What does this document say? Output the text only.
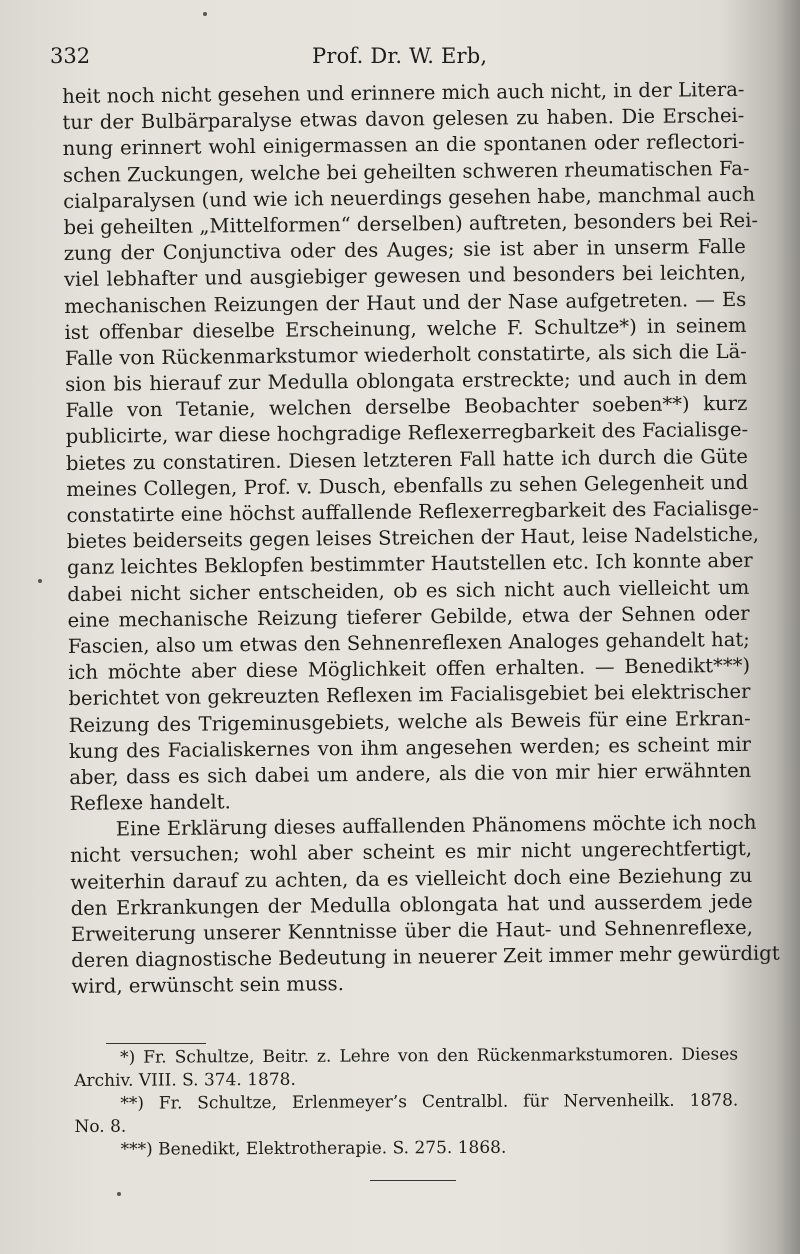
332	Prof. Dr. W. Erb,
heit noch nicht gesehen und erinnere mich auch nicht, in der Litera-
tur der Bulbärparalyse etwas davon gelesen zu haben. Die Erschei-
nung erinnert wohl einigermassen an die spontanen oder reflectori-
schen Zuckungen, welche bei geheilten schweren rheumatischen Fa-
cialparalysen (und wie ich neuerdings gesehen habe, manchmal auch
bei geheilten „Mittelformen“ derselben) auftreten, besonders bei Rei-
zung der Conjunctiva oder des Auges; sie ist aber in unserm Falle
viel lebhafter und ausgiebiger gewesen und besonders bei leichten,
mechanischen Reizungen der Haut und der Nase aufgetreten. — Es
ist offenbar dieselbe Erscheinung, welche F. Schultze*) in seinem
Falle von Rückenmarkstumor wiederholt constatirte, als sich die Lä-
sion bis hierauf zur Medulla oblongata erstreckte; und auch in dem
Falle von Tetanie, welchen derselbe Beobachter soeben**) kurz
publicirte, war diese hochgradige Reflexerregbarkeit des Facialisge-
bietes zu constatiren. Diesen letzteren Fall hatte ich durch die Güte
meines Collegen, Prof. v. Dusch, ebenfalls zu sehen Gelegenheit und
constatirte eine höchst auffallende Reflexerregbarkeit des Facialisge-
bietes beiderseits gegen leises Streichen der Haut, leise Nadelstiche,
ganz leichtes Beklopfen bestimmter Hautstellen etc. Ich konnte aber
dabei nicht sicher entscheiden, ob es sich nicht auch vielleicht um
eine mechanische Reizung tieferer Gebilde, etwa der Sehnen oder
Fascien, also um etwas den Sehnenreflexen Analoges gehandelt hat;
ich möchte aber diese Möglichkeit offen erhalten. — Benedikt***)
berichtet von gekreuzten Reflexen im Facialisgebiet bei elektrischer
Reizung des Trigeminusgebiets, welche als Beweis für eine Erkran-
kung des Facialiskernes von ihm angesehen werden; es scheint mir
aber, dass es sich dabei um andere, als die von mir hier erwähnten
Reflexe handelt.
Eine Erklärung dieses auffallenden Phänomens möchte ich noch
nicht versuchen; wohl aber scheint es mir nicht ungerechtfertigt,
weiterhin darauf zu achten, da es vielleicht doch eine Beziehung zu
den Erkrankungen der Medulla oblongata hat und ausserdem jede
Erweiterung unserer Kenntnisse über die Haut- und Sehnenreflexe,
deren diagnostische Bedeutung in neuerer Zeit immer mehr gewürdigt
wird, erwünscht sein muss.
*) Fr. Schultze, Beitr. z. Lehre von den Rückenmarkstumoren. Dieses
Archiv. VIII. S. 374. 1878.
**) Fr. Schultze, Erlenmeyer’s Centralbl. für Nervenheilk. 1878.
No. 8.
***) Benedikt, Elektrotherapie. S. 275. 1868.
